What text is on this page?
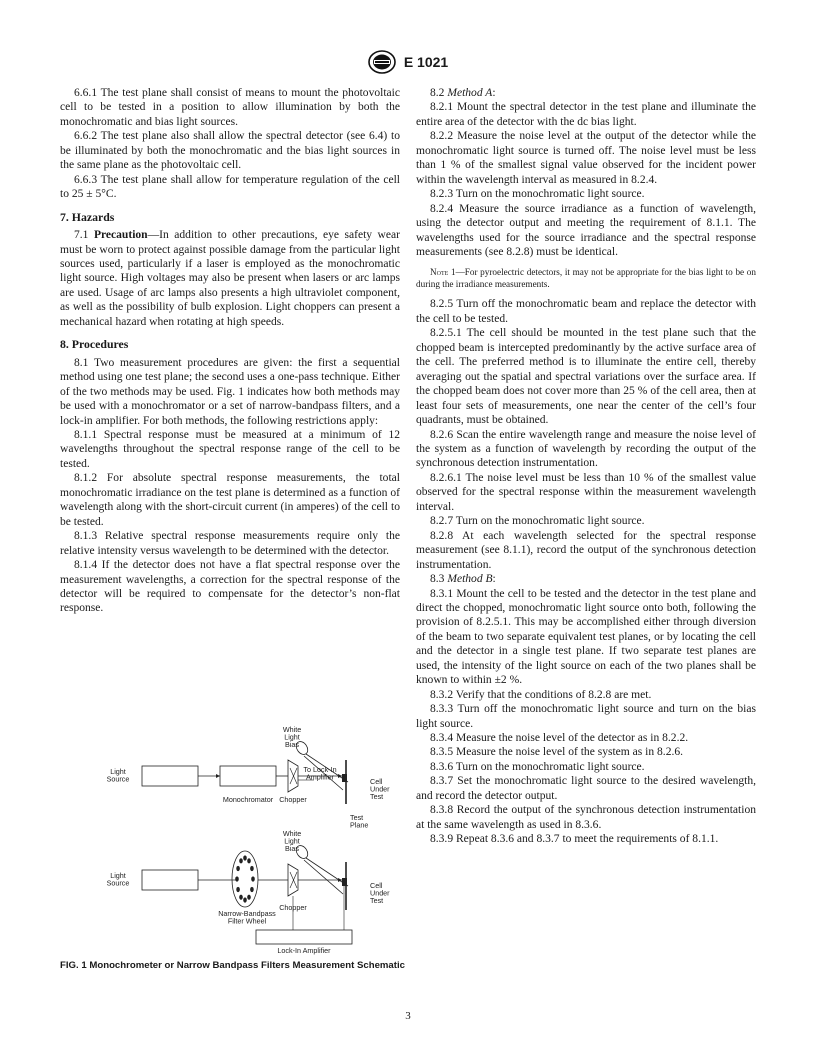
E 1021

6.6.1 The test plane shall consist of means to mount the photovoltaic cell to be tested in a position to allow illumination by both the monochromatic and bias light sources.

6.6.2 The test plane also shall allow the spectral detector (see 6.4) to be illuminated by both the monochromatic and the bias light sources in the same plane as the photovoltaic cell.

6.6.3 The test plane shall allow for temperature regulation of the cell to 25 ± 5°C.

7. Hazards

7.1 Precaution—In addition to other precautions, eye safety wear must be worn to protect against possible damage from the particular light sources used, particularly if a laser is employed as the monochromatic light source. High voltages may also be present when lasers or arc lamps are used. Usage of arc lamps also presents a high ultraviolet component, as well as the possibility of bulb explosion. Light choppers can present a mechanical hazard when rotating at high speeds.

8. Procedures

8.1 Two measurement procedures are given: the first a sequential method using one test plane; the second uses a one-pass technique. Either of the two methods may be used. Fig. 1 indicates how both methods may be used with a monochromator or a set of narrow-bandpass filters, and a lock-in amplifier. For both methods, the following restrictions apply:

8.1.1 Spectral response must be measured at a minimum of 12 wavelengths throughout the spectral response range of the cell to be tested.

8.1.2 For absolute spectral response measurements, the total monochromatic irradiance on the test plane is determined as a function of wavelength along with the short-circuit current (in amperes) of the cell to be tested.

8.1.3 Relative spectral response measurements require only the relative intensity versus wavelength to be determined with the detector.

8.1.4 If the detector does not have a flat spectral response over the measurement wavelengths, a correction for the spectral response of the detector will be required to compensate for the detector’s non-flat response.

8.2 Method A:

8.2.1 Mount the spectral detector in the test plane and illuminate the entire area of the detector with the dc bias light.

8.2.2 Measure the noise level at the output of the detector while the monochromatic light source is turned off. The noise level must be less than 1 % of the smallest signal value observed for the incident power within the wavelength interval as measured in 8.2.4.

8.2.3 Turn on the monochromatic light source.

8.2.4 Measure the source irradiance as a function of wavelength, using the detector output and meeting the requirement of 8.1.1. The wavelengths used for the source irradiance and the spectral response measurements (see 8.2.8) must be identical.

Note 1—For pyroelectric detectors, it may not be appropriate for the bias light to be on during the irradiance measurements.

8.2.5 Turn off the monochromatic beam and replace the detector with the cell to be tested.

8.2.5.1 The cell should be mounted in the test plane such that the chopped beam is intercepted predominantly by the active surface area of the cell. The preferred method is to illuminate the entire cell, thereby averaging out the spatial and spectral variations over the surface area. If the chopped beam does not cover more than 25 % of the cell area, then at least four sets of measurements, one near the center of the cell’s four quadrants, must be obtained.

8.2.6 Scan the entire wavelength range and measure the noise level of the system as a function of wavelength by recording the output of the synchronous detection instrumentation.

8.2.6.1 The noise level must be less than 10 % of the smallest value observed for the spectral response within the measurement wavelength interval.

8.2.7 Turn on the monochromatic light source.

8.2.8 At each wavelength selected for the spectral response measurement (see 8.1.1), record the output of the synchronous detection instrumentation.

8.3 Method B:

8.3.1 Mount the cell to be tested and the detector in the test plane and direct the chopped, monochromatic light source onto both, following the provision of 8.2.5.1. This may be accomplished either through diversion of the beam to two separate equivalent test planes, or by locating the cell and the detector in a single test plane. If two separate test planes are used, the intensity of the light source on each of the two planes shall be known to within ±2 %.

8.3.2 Verify that the conditions of 8.2.8 are met.

8.3.3 Turn off the monochromatic light source and turn on the bias light source.

8.3.4 Measure the noise level of the detector as in 8.2.2.

8.3.5 Measure the noise level of the system as in 8.2.6.

8.3.6 Turn on the monochromatic light source.

8.3.7 Set the monochromatic light source to the desired wavelength, and record the detector output.

8.3.8 Record the output of the synchronous detection instrumentation at the same wavelength as used in 8.3.6.

8.3.9 Repeat 8.3.6 and 8.3.7 to meet the requirements of 8.1.1.

Light
Source
Monochromator Chopper
White
Light
Bias
To Lock-In
Amplifier	Cell
Under
Test
Test
Plane
Light
Source
Narrow-Bandpass
Filter Wheel
Chopper
White
Light
Bias
Lock-In Amplifier
Cell
Under
Test
FIG. 1 Monochrometer or Narrow Bandpass Filters Measurement Schematic
3
